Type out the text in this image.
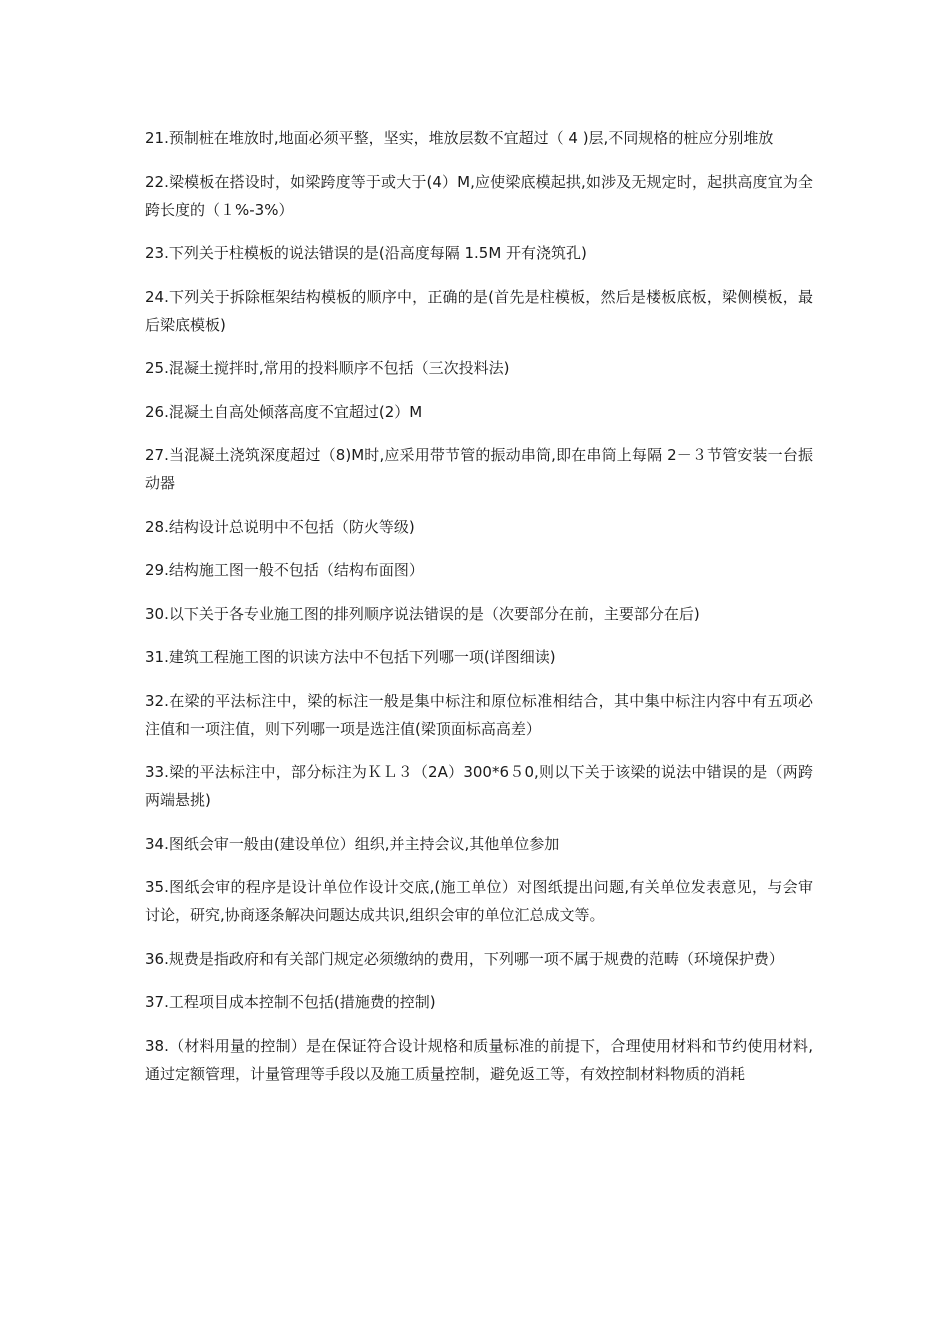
21.预制桩在堆放时,地面必须平整，坚实，堆放层数不宜超过（ 4 )层,不同规格的桩应分别堆放

22.梁模板在搭设时，如梁跨度等于或大于(4）M,应使梁底模起拱,如涉及无规定时，起拱高度宜为全跨长度的（１%-3%）

23.下列关于柱模板的说法错误的是(沿高度每隔 1.5M 开有浇筑孔)

24.下列关于拆除框架结构模板的顺序中，正确的是(首先是柱模板，然后是楼板底板，梁侧模板，最后梁底模板)

25.混凝土搅拌时,常用的投料顺序不包括（三次投料法)

26.混凝土自高处倾落高度不宜超过(2）M

27.当混凝土浇筑深度超过（8)M时,应采用带节管的振动串筒,即在串筒上每隔 2－３节管安装一台振动器

28.结构设计总说明中不包括（防火等级)

29.结构施工图一般不包括（结构布面图）

30.以下关于各专业施工图的排列顺序说法错误的是（次要部分在前，主要部分在后)

31.建筑工程施工图的识读方法中不包括下列哪一项(详图细读)

32.在梁的平法标注中，梁的标注一般是集中标注和原位标准相结合，其中集中标注内容中有五项必注值和一项注值，则下列哪一项是选注值(梁顶面标高高差）

33.梁的平法标注中，部分标注为ＫＬ３（2A）300*6５0,则以下关于该梁的说法中错误的是（两跨两端悬挑)

34.图纸会审一般由(建设单位）组织,并主持会议,其他单位参加

35.图纸会审的程序是设计单位作设计交底,(施工单位）对图纸提出问题,有关单位发表意见，与会审讨论，研究,协商逐条解决问题达成共识,组织会审的单位汇总成文等。

36.规费是指政府和有关部门规定必须缴纳的费用，下列哪一项不属于规费的范畴（环境保护费）

37.工程项目成本控制不包括(措施费的控制)

38.（材料用量的控制）是在保证符合设计规格和质量标准的前提下，合理使用材料和节约使用材料,通过定额管理，计量管理等手段以及施工质量控制，避免返工等，有效控制材料物质的消耗
